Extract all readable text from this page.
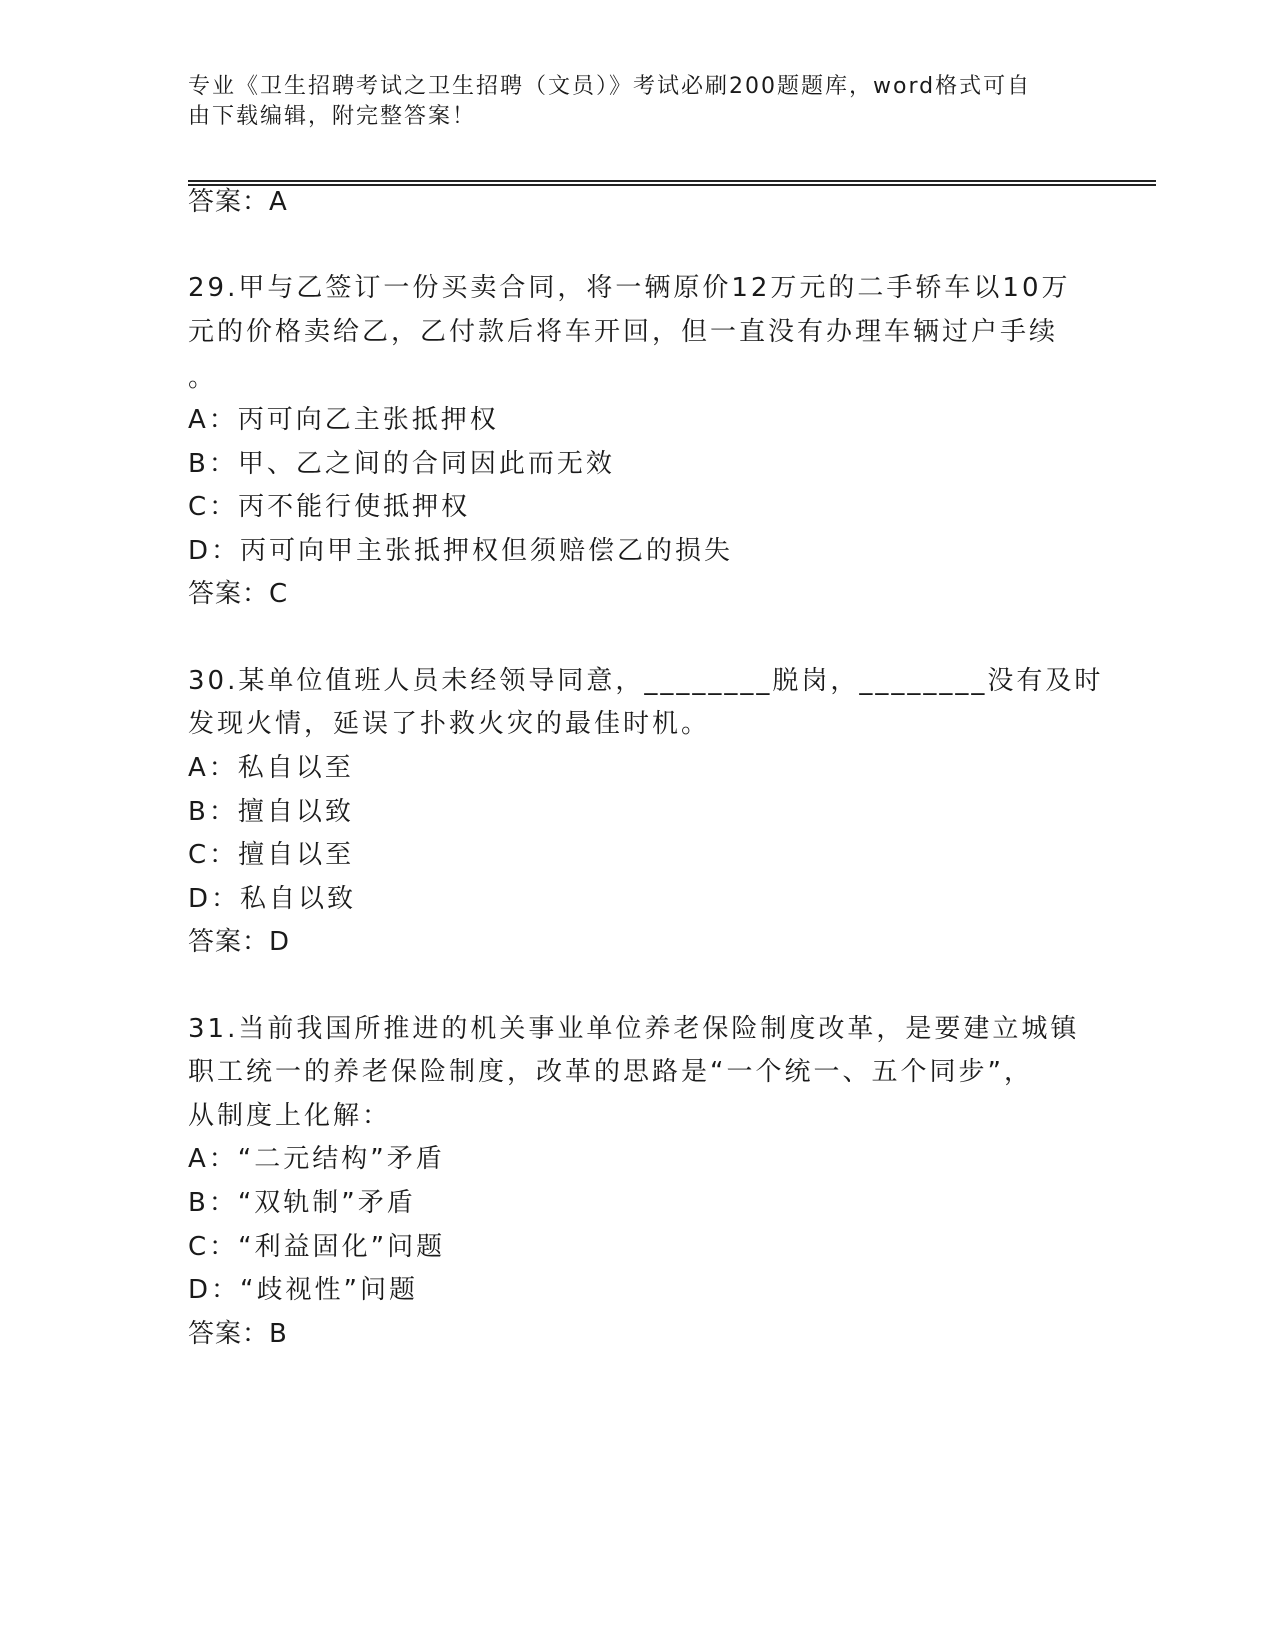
专业《卫生招聘考试之卫生招聘（文员）》考试必刷200题题库，word格式可自
由下载编辑，附完整答案！
答案：A
29.甲与乙签订一份买卖合同，将一辆原价12万元的二手轿车以10万
元的价格卖给乙，乙付款后将车开回，但一直没有办理车辆过户手续
。
A：丙可向乙主张抵押权
B：甲、乙之间的合同因此而无效
C：丙不能行使抵押权
D：丙可向甲主张抵押权但须赔偿乙的损失
答案：C
30.某单位值班人员未经领导同意，________脱岗，________没有及时
发现火情，延误了扑救火灾的最佳时机。
A：私自以至
B：擅自以致
C：擅自以至
D：私自以致
答案：D
31.当前我国所推进的机关事业单位养老保险制度改革，是要建立城镇
职工统一的养老保险制度，改革的思路是“一个统一、五个同步”，
从制度上化解：
A：“二元结构”矛盾
B：“双轨制”矛盾
C：“利益固化”问题
D：“歧视性”问题
答案：B
